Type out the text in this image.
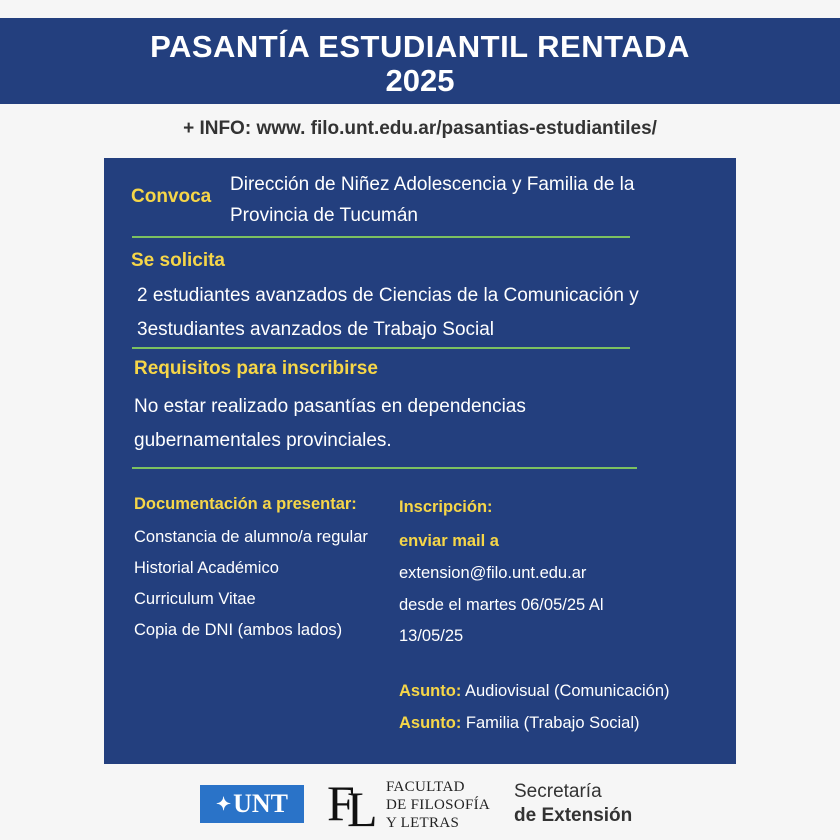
PASANTÍA ESTUDIANTIL RENTADA
2025
+ INFO: www. filo.unt.edu.ar/pasantias-estudiantiles/
Convoca
Dirección de Niñez Adolescencia y Familia de la
Provincia de Tucumán
Se solicita
2 estudiantes avanzados de Ciencias de la Comunicación y
3estudiantes avanzados de Trabajo Social
Requisitos para inscribirse
No estar realizado pasantías en dependencias
gubernamentales provinciales.
Documentación a presentar:
Constancia de alumno/a regular
Historial Académico
Curriculum Vitae
Copia de DNI (ambos lados)
Inscripción:
enviar mail a
extension@filo.unt.edu.ar
desde el martes 06/05/25 Al
13/05/25
Asunto: Audiovisual (Comunicación)
Asunto: Familia (Trabajo Social)
✦ UNT F
L FACULTAD
DE FILOSOFÍA
Y LETRAS
Secretaría
de Extensión
